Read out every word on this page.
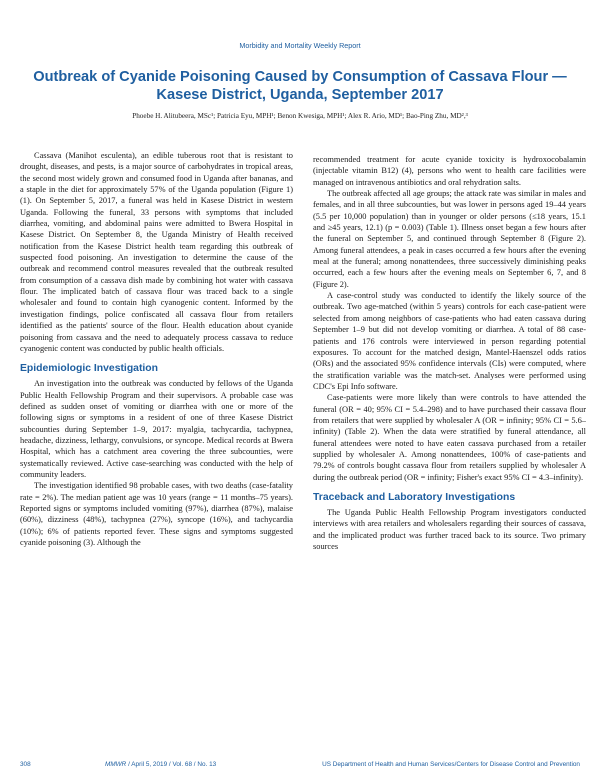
Morbidity and Mortality Weekly Report
Outbreak of Cyanide Poisoning Caused by Consumption of Cassava Flour — Kasese District, Uganda, September 2017
Phoebe H. Alitubeera, MSc¹; Patricia Eyu, MPH¹; Benon Kwesiga, MPH¹; Alex R. Ario, MD¹; Bao-Ping Zhu, MD²,³

Cassava (Manihot esculenta), an edible tuberous root that is resistant to drought, diseases, and pests, is a major source of carbohydrates in tropical areas, the second most widely grown and consumed food in Uganda after bananas, and a staple in the diet for approximately 57% of the Uganda population (Figure 1) (1). On September 5, 2017, a funeral was held in Kasese District in western Uganda. Following the funeral, 33 persons with symptoms that included diarrhea, vomiting, and abdominal pains were admitted to Bwera Hospital in Kasese District. On September 8, the Uganda Ministry of Health received notification from the Kasese District health team regarding this outbreak of suspected food poisoning. An investigation to determine the cause of the outbreak and recommend control measures revealed that the outbreak resulted from consumption of a cassava dish made by combining hot water with cassava flour. The implicated batch of cassava flour was traced back to a single wholesaler and found to contain high cyanogenic content. Informed by the investigation findings, police confiscated all cassava flour from retailers identified as the patients' source of the flour. Health education about cyanide poisoning from cassava and the need to adequately process cassava to reduce cyanogenic content was conducted by public health officials.

Epidemiologic Investigation

An investigation into the outbreak was conducted by fellows of the Uganda Public Health Fellowship Program and their supervisors. A probable case was defined as sudden onset of vomiting or diarrhea with one or more of the following signs or symptoms in a resident of one of three Kasese District subcounties during September 1–9, 2017: myalgia, tachycardia, tachypnea, headache, dizziness, lethargy, convulsions, or syncope. Medical records at Bwera Hospital, which has a catchment area covering the three subcounties, were systematically reviewed. Active case-searching was conducted with the help of community leaders.

The investigation identified 98 probable cases, with two deaths (case-fatality rate = 2%). The median patient age was 10 years (range = 11 months–75 years). Reported signs or symptoms included vomiting (97%), diarrhea (87%), malaise (60%), dizziness (48%), tachypnea (27%), syncope (16%), and tachycardia (10%); 6% of patients reported fever. These signs and symptoms suggested cyanide poisoning (3). Although the

recommended treatment for acute cyanide toxicity is hydroxocobalamin (injectable vitamin B12) (4), persons who went to health care facilities were managed on intravenous antibiotics and oral rehydration salts.

The outbreak affected all age groups; the attack rate was similar in males and females, and in all three subcounties, but was lower in persons aged 19–44 years (5.5 per 10,000 population) than in younger or older persons (≤18 years, 15.1 and ≥45 years, 12.1) (p = 0.003) (Table 1). Illness onset began a few hours after the funeral on September 5, and continued through September 8 (Figure 2). Among funeral attendees, a peak in cases occurred a few hours after the evening meal at the funeral; among nonattendees, three successively diminishing peaks occurred, each a few hours after the evening meals on September 6, 7, and 8 (Figure 2).

A case-control study was conducted to identify the likely source of the outbreak. Two age-matched (within 5 years) controls for each case-patient were selected from among neighbors of case-patients who had eaten cassava during September 1–9 but did not develop vomiting or diarrhea. A total of 88 case-patients and 176 controls were interviewed in person regarding potential exposures. To account for the matched design, Mantel-Haenszel odds ratios (ORs) and the associated 95% confidence intervals (CIs) were computed, where the stratification variable was the match-set. Analyses were performed using CDC's Epi Info software.

Case-patients were more likely than were controls to have attended the funeral (OR = 40; 95% CI = 5.4–298) and to have purchased their cassava flour from retailers that were supplied by wholesaler A (OR = infinity; 95% CI = 5.6–infinity) (Table 2). When the data were stratified by funeral attendance, all funeral attendees were noted to have eaten cassava purchased from a retailer supplied by wholesaler A. Among nonattendees, 100% of case-patients and 79.2% of controls bought cassava flour from retailers supplied by wholesaler A during the outbreak period (OR = infinity; Fisher's exact 95% CI = 4.3–infinity).

Traceback and Laboratory Investigations

The Uganda Public Health Fellowship Program investigators conducted interviews with area retailers and wholesalers regarding their sources of cassava, and the implicated product was further traced back to its source. Two primary sources

308	MMWR / April 5, 2019 / Vol. 68 / No. 13	US Department of Health and Human Services/Centers for Disease Control and Prevention
